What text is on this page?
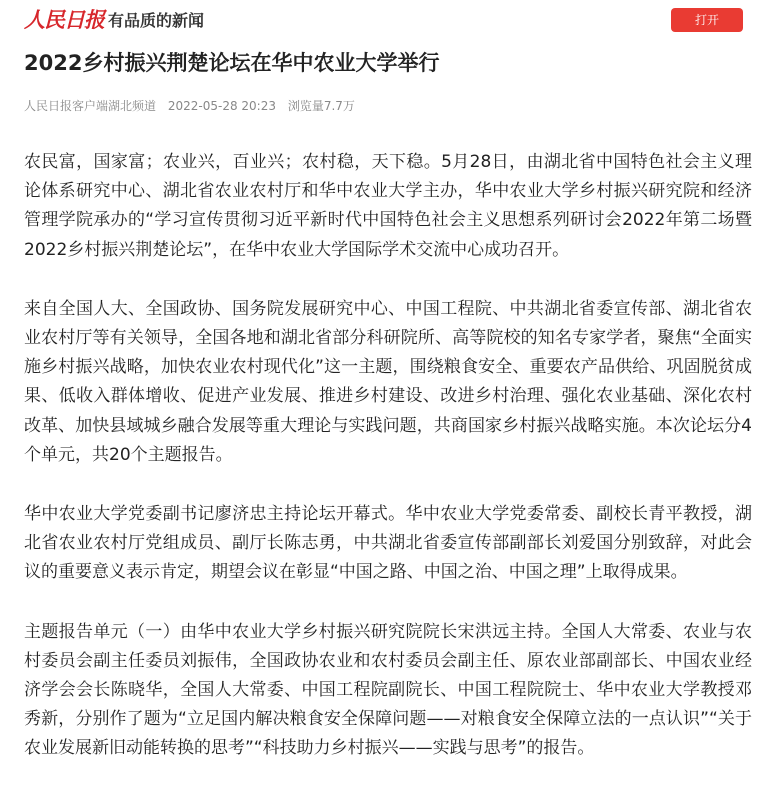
人民日报 有品质的新闻	打开
2022乡村振兴荆楚论坛在华中农业大学举行
人民日报客户端湖北频道 2022-05-28 20:23 浏览量7.7万

农民富，国家富；农业兴，百业兴；农村稳，天下稳。5月28日，由湖北省中国特色社会主义理论体系研究中心、湖北省农业农村厅和华中农业大学主办，华中农业大学乡村振兴研究院和经济管理学院承办的“学习宣传贯彻习近平新时代中国特色社会主义思想系列研讨会2022年第二场暨2022乡村振兴荆楚论坛”，在华中农业大学国际学术交流中心成功召开。

来自全国人大、全国政协、国务院发展研究中心、中国工程院、中共湖北省委宣传部、湖北省农业农村厅等有关领导，全国各地和湖北省部分科研院所、高等院校的知名专家学者，聚焦“全面实施乡村振兴战略，加快农业农村现代化”这一主题，围绕粮食安全、重要农产品供给、巩固脱贫成果、低收入群体增收、促进产业发展、推进乡村建设、改进乡村治理、强化农业基础、深化农村改革、加快县域城乡融合发展等重大理论与实践问题，共商国家乡村振兴战略实施。本次论坛分4个单元，共20个主题报告。

华中农业大学党委副书记廖济忠主持论坛开幕式。华中农业大学党委常委、副校长青平教授，湖北省农业农村厅党组成员、副厅长陈志勇，中共湖北省委宣传部副部长刘爱国分别致辞，对此会议的重要意义表示肯定，期望会议在彰显“中国之路、中国之治、中国之理”上取得成果。

主题报告单元（一）由华中农业大学乡村振兴研究院院长宋洪远主持。全国人大常委、农业与农村委员会副主任委员刘振伟，全国政协农业和农村委员会副主任、原农业部副部长、中国农业经济学会会长陈晓华，全国人大常委、中国工程院副院长、中国工程院院士、华中农业大学教授邓秀新，分别作了题为“立足国内解决粮食安全保障问题——对粮食安全保障立法的一点认识”“关于农业发展新旧动能转换的思考”“科技助力乡村振兴——实践与思考”的报告。
